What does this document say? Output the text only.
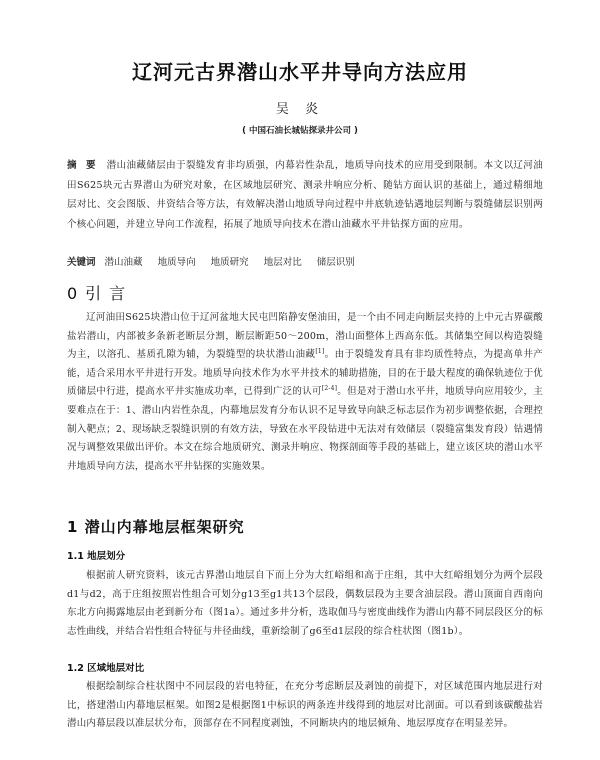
辽河元古界潜山水平井导向方法应用
吴 炎
( 中国石油长城钻探录井公司 )
摘 要 潜山油藏储层由于裂缝发育非均质强，内幕岩性杂乱，地质导向技术的应用受到限制。本文以辽河油田S625块元古界潜山为研究对象，在区域地层研究、测录井响应分析、随钻方面认识的基础上，通过精细地层对比、交会图版、井资结合等方法，有效解决潜山地质导向过程中井底轨迹钻遇地层判断与裂缝储层识别两个核心问题，并建立导向工作流程，拓展了地质导向技术在潜山油藏水平井钻探方面的应用。
关键词 潜山油藏 地质导向 地质研究 地层对比 储层识别
0引言
辽河油田S625块潜山位于辽河盆地大民屯凹陷静安堡油田，是一个由不同走向断层夹持的上中元古界碳酸盐岩潜山，内部被多条新老断层分割，断层断距50～200m，潜山面整体上西高东低。其储集空间以构造裂缝为主，以溶孔、基质孔隙为辅，为裂缝型的块状潜山油藏[1]。由于裂缝发育具有非均质性特点，为提高单井产能，适合采用水平井进行开发。地质导向技术作为水平井技术的辅助措施，目的在于最大程度的确保轨迹位于优质储层中行进，提高水平井实施成功率，已得到广泛的认可[2-4]。但是对于潜山水平井，地质导向应用较少，主要难点在于：1、潜山内岩性杂乱，内幕地层发育分布认识不足导致导向缺乏标志层作为初步调整依据，合理控制入靶点；2、现场缺乏裂缝识别的有效方法，导致在水平段钻进中无法对有效储层（裂缝富集发育段）钻遇情况与调整效果做出评价。本文在综合地质研究、测录井响应、物探剖面等手段的基础上，建立该区块的潜山水平井地质导向方法，提高水平井钻探的实施效果。
1 潜山内幕地层框架研究
1.1 地层划分
根据前人研究资料，该元古界潜山地层自下而上分为大红峪组和高于庄组，其中大红峪组划分为两个层段d1与d2，高于庄组按照岩性组合可划分g13至g1共13个层段，偶数层段为主要含油层段。潜山顶面自西南向东北方向揭露地层由老到新分布（图1a）。通过多井分析，选取伽马与密度曲线作为潜山内幕不同层段区分的标志性曲线，并结合岩性组合特征与井径曲线，重新绘制了g6至d1层段的综合柱状图（图1b）。
1.2 区域地层对比
根据绘制综合柱状图中不同层段的岩电特征，在充分考虑断层及剥蚀的前提下，对区域范围内地层进行对比，搭建潜山内幕地层框架。如图2是根据图1中标识的两条连井线得到的地层对比剖面。可以看到该碳酸盐岩潜山内幕层段以准层状分布，顶部存在不同程度剥蚀，不同断块内的地层倾角、地层厚度存在明显差异。
